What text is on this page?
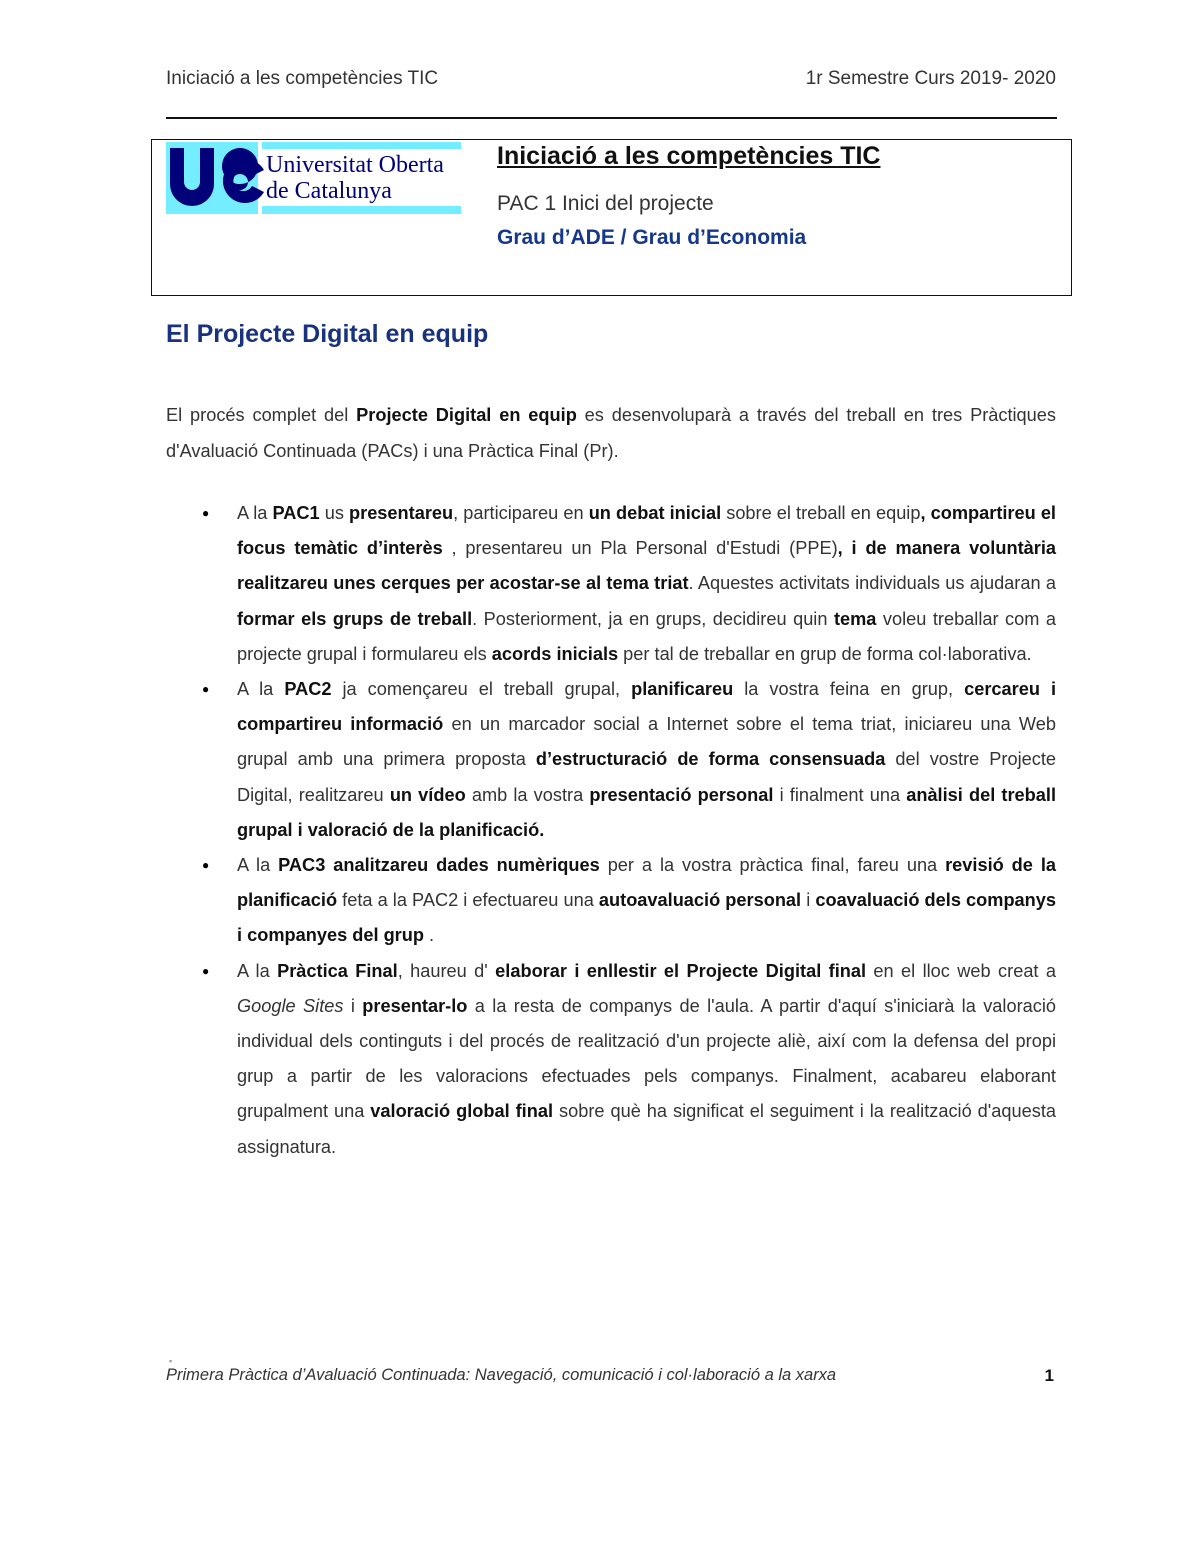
Iniciació a les competències TIC	1r Semestre Curs 2019- 2020
Universitat Oberta
de Catalunya
Iniciació a les competències TIC
PAC 1 Inici del projecte
Grau d’ADE / Grau d’Economia
El Projecte Digital en equip

El procés complet del Projecte Digital en equip es desenvoluparà a través del treball en tres Pràctiques d'Avaluació Continuada (PACs) i una Pràctica Final (Pr).

● A la PAC1 us presentareu, participareu en un debat inicial sobre el treball en equip, compartireu el focus temàtic d’interès , presentareu un Pla Personal d'Estudi (PPE), i de manera voluntària realitzareu unes cerques per acostar-se al tema triat. Aquestes activitats individuals us ajudaran a formar els grups de treball. Posteriorment, ja en grups, decidireu quin tema voleu treballar com a projecte grupal i formulareu els acords inicials per tal de treballar en grup de forma col·laborativa.
● A la PAC2 ja començareu el treball grupal, planificareu la vostra feina en grup, cercareu i compartireu informació en un marcador social a Internet sobre el tema triat, iniciareu una Web grupal amb una primera proposta d’estructuració de forma consensuada del vostre Projecte Digital, realitzareu un vídeo amb la vostra presentació personal i finalment una anàlisi del treball grupal i valoració de la planificació.
● A la PAC3 analitzareu dades numèriques per a la vostra pràctica final, fareu una revisió de la planificació feta a la PAC2 i efectuareu una autoavaluació personal i coavaluació dels companys i companyes del grup .
● A la Pràctica Final, haureu d' elaborar i enllestir el Projecte Digital final en el lloc web creat a Google Sites i presentar-lo a la resta de companys de l'aula. A partir d'aquí s'iniciarà la valoració individual dels continguts i del procés de realització d'un projecte aliè, així com la defensa del propi grup a partir de les valoracions efectuades pels companys. Finalment, acabareu elaborant grupalment una valoració global final sobre què ha significat el seguiment i la realització d'aquesta assignatura.
▪
Primera Pràctica d’Avaluació Continuada: Navegació, comunicació i col·laboració a la xarxa	1
